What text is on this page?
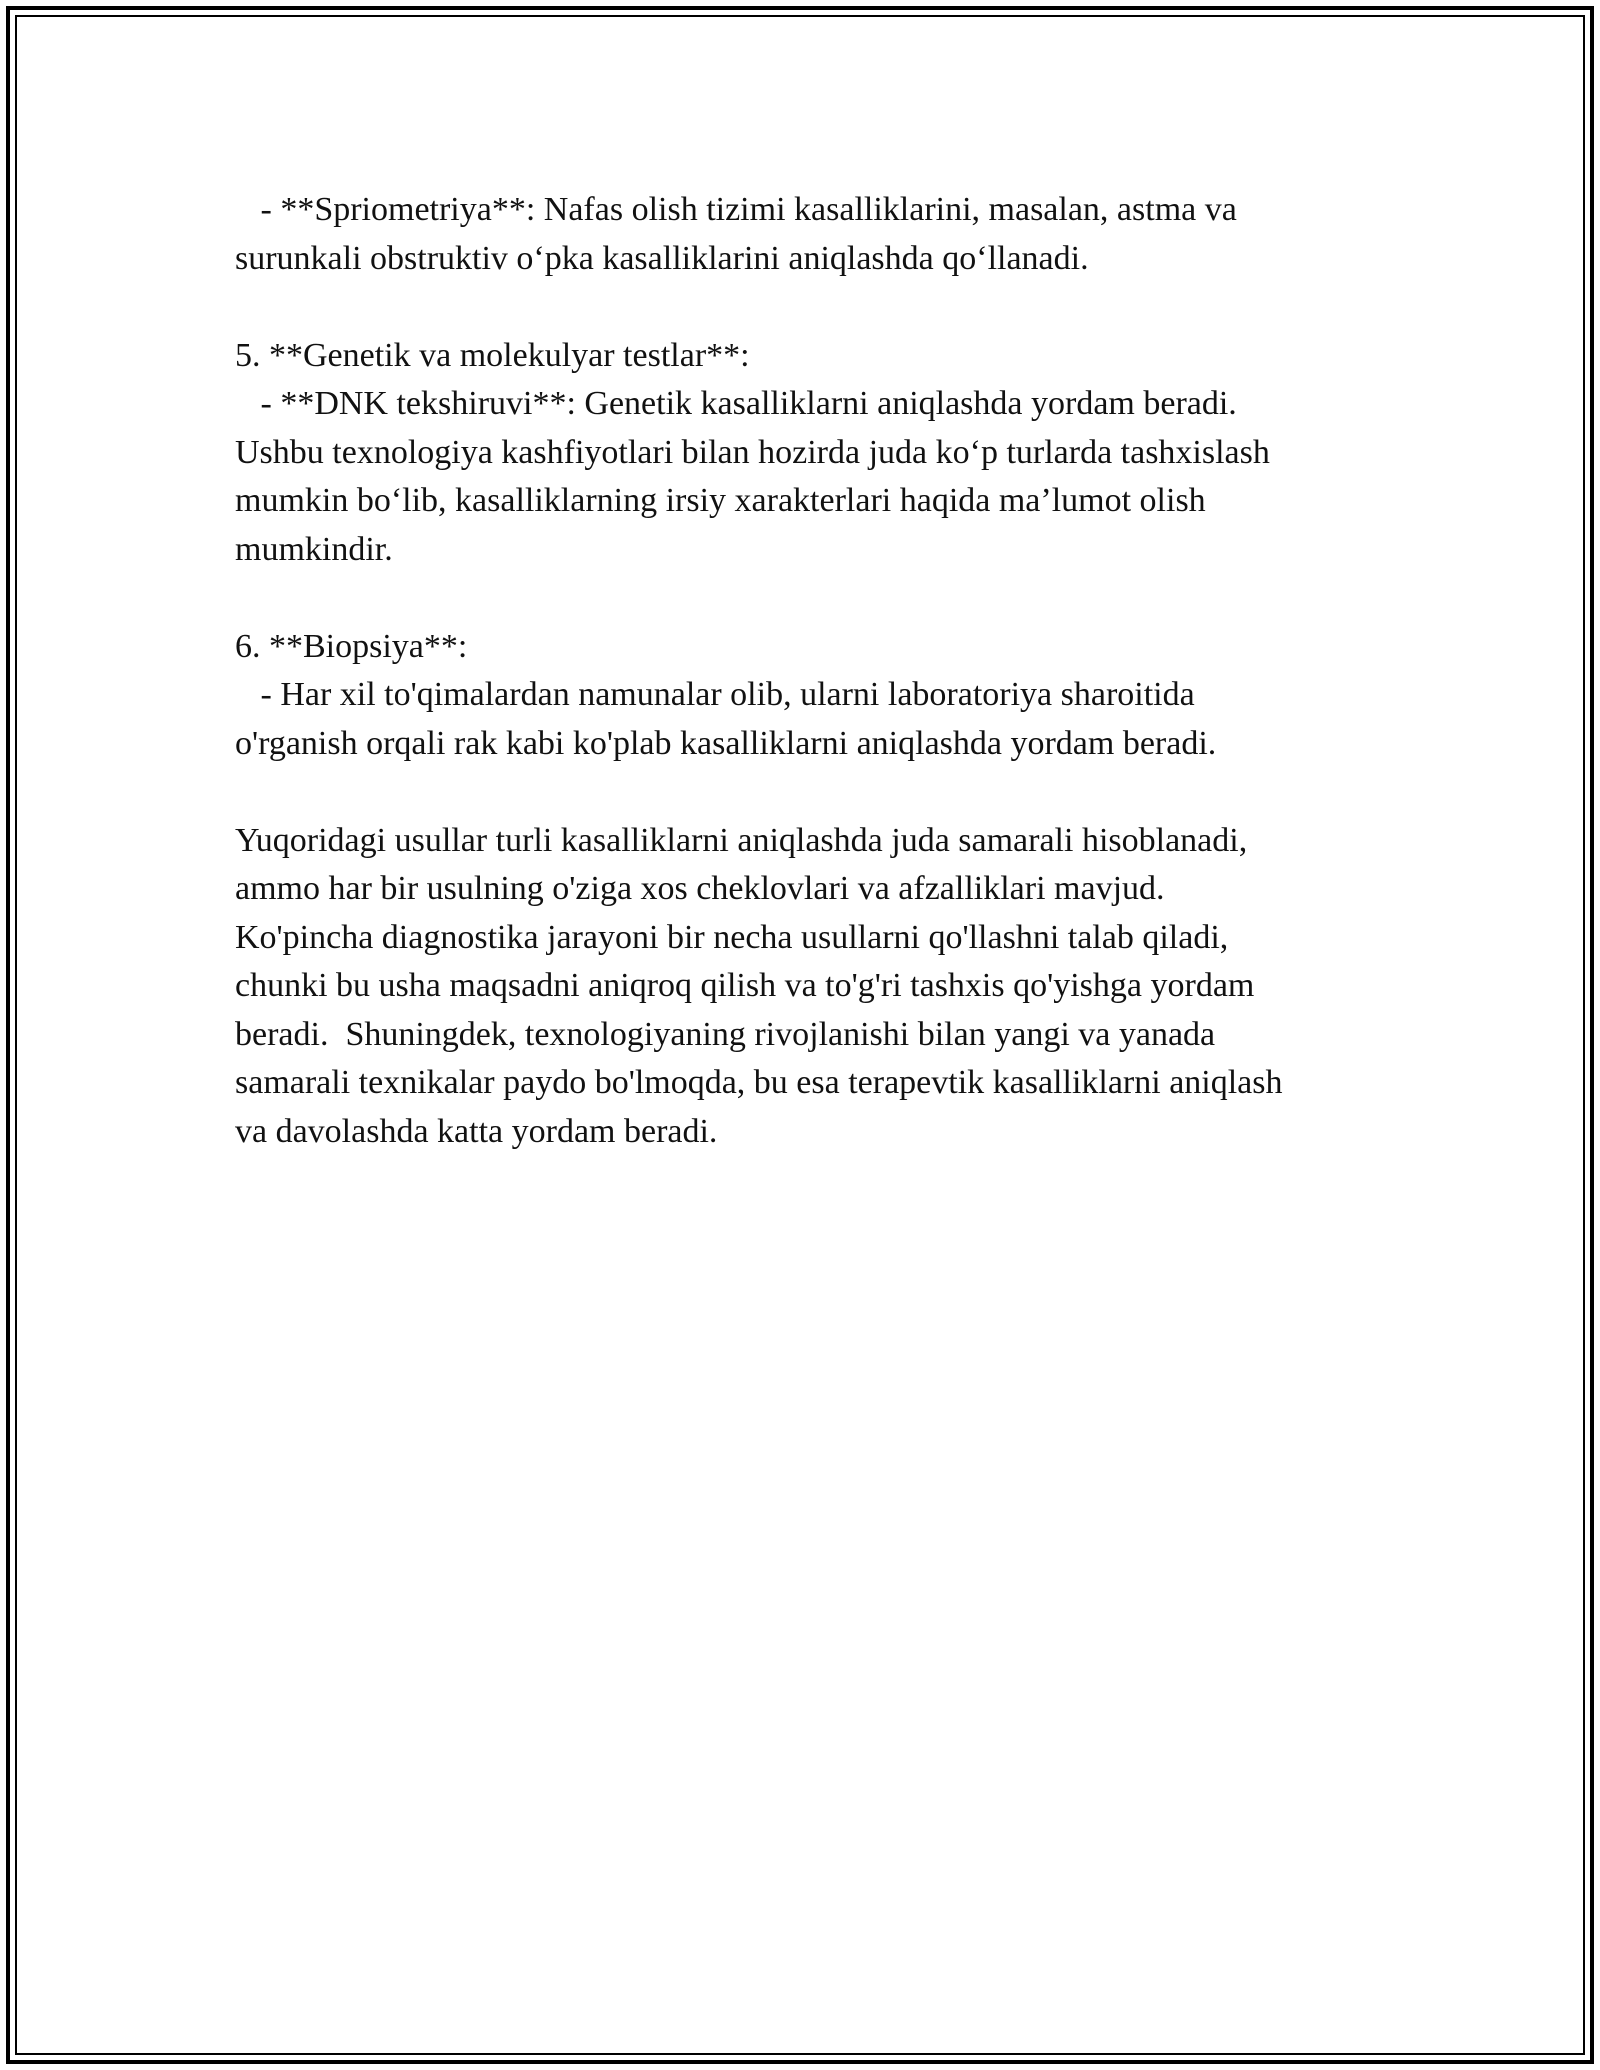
- **Spriometriya**: Nafas olish tizimi kasalliklarini, masalan, astma va
surunkali obstruktiv o‘pka kasalliklarini aniqlashda qo‘llanadi.
5. **Genetik va molekulyar testlar**:
- **DNK tekshiruvi**: Genetik kasalliklarni aniqlashda yordam beradi.
Ushbu texnologiya kashfiyotlari bilan hozirda juda ko‘p turlarda tashxislash
mumkin bo‘lib, kasalliklarning irsiy xarakterlari haqida ma’lumot olish
mumkindir.
6. **Biopsiya**:
- Har xil to'qimalardan namunalar olib, ularni laboratoriya sharoitida
o'rganish orqali rak kabi ko'plab kasalliklarni aniqlashda yordam beradi.
Yuqoridagi usullar turli kasalliklarni aniqlashda juda samarali hisoblanadi,
ammo har bir usulning o'ziga xos cheklovlari va afzalliklari mavjud.
Ko'pincha diagnostika jarayoni bir necha usullarni qo'llashni talab qiladi,
chunki bu usha maqsadni aniqroq qilish va to'g'ri tashxis qo'yishga yordam
beradi.  Shuningdek, texnologiyaning rivojlanishi bilan yangi va yanada
samarali texnikalar paydo bo'lmoqda, bu esa terapevtik kasalliklarni aniqlash
va davolashda katta yordam beradi.
